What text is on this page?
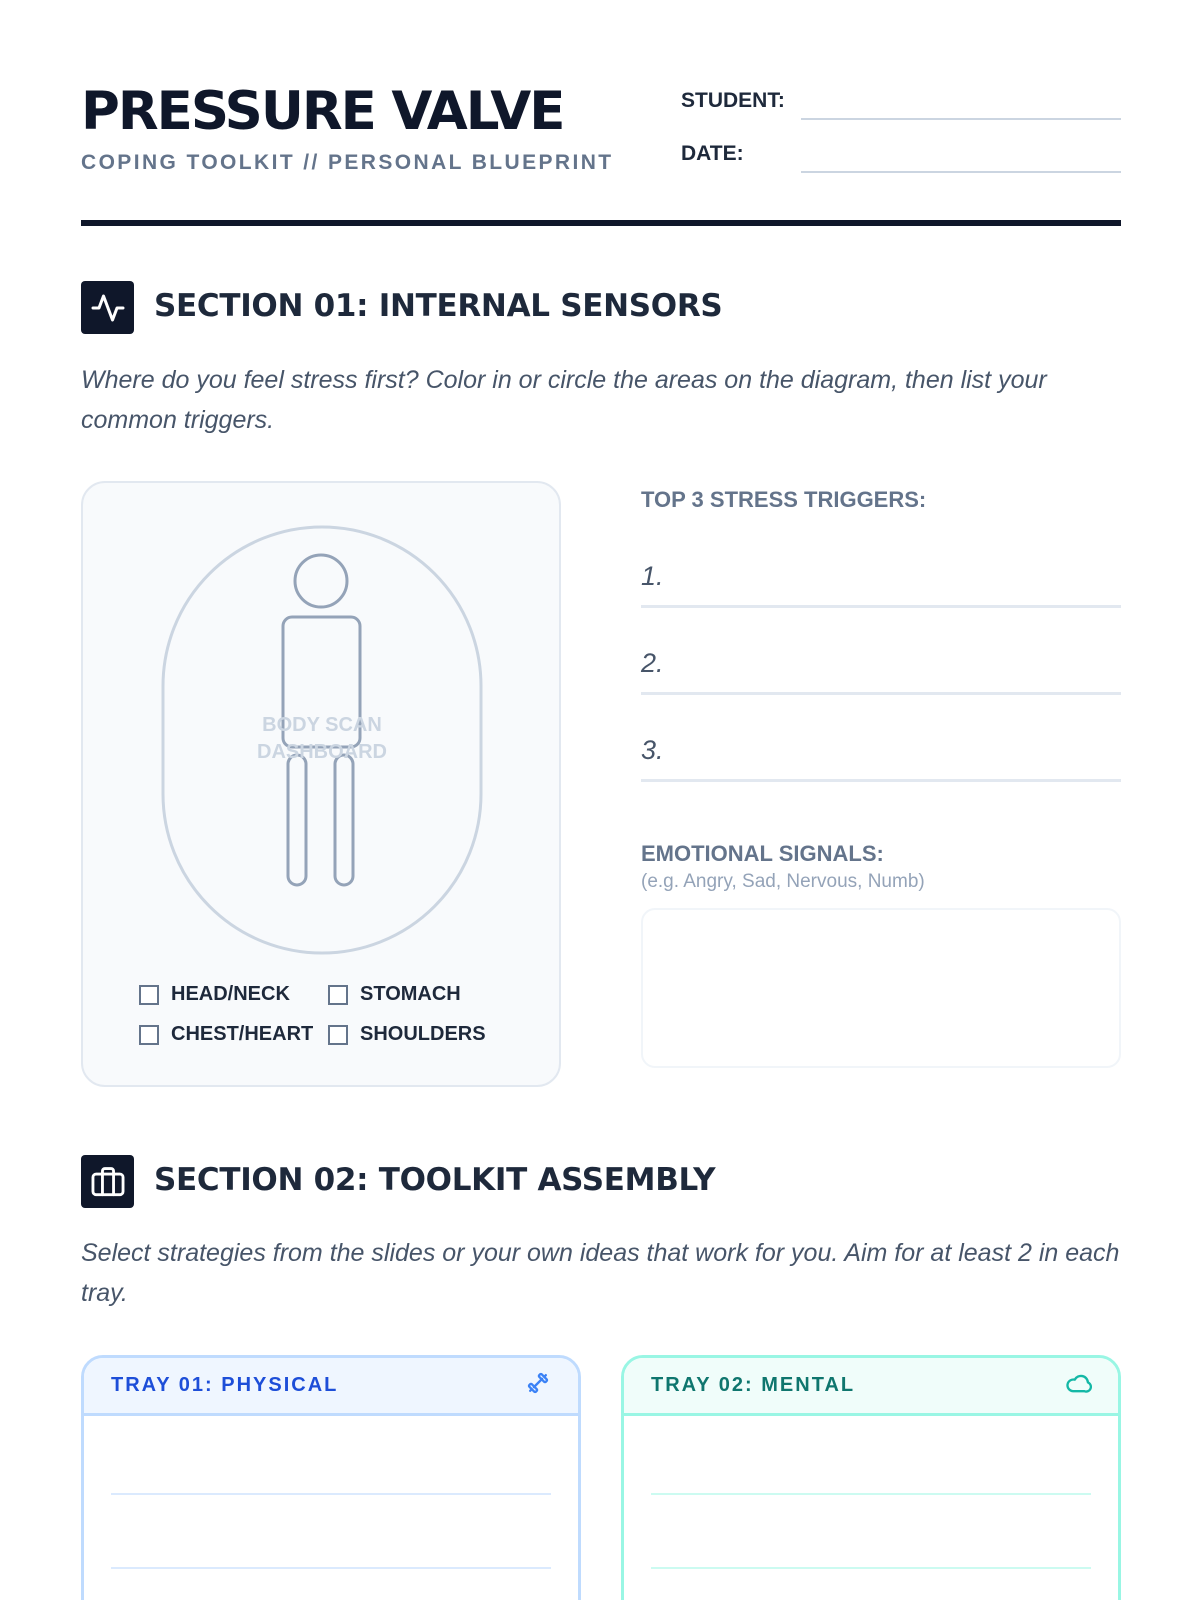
PRESSURE VALVE
COPING TOOLKIT // PERSONAL BLUEPRINT
STUDENT:
DATE:
SECTION 01: INTERNAL SENSORS
Where do you feel stress first? Color in or circle the areas on the diagram, then list your common triggers.
BODY SCAN
DASHBOARD
HEAD/NECK	STOMACH
CHEST/HEART SHOULDERS
TOP 3 STRESS TRIGGERS:
1.
2.
3.
EMOTIONAL SIGNALS:
(e.g. Angry, Sad, Nervous, Numb)
SECTION 02: TOOLKIT ASSEMBLY
Select strategies from the slides or your own ideas that work for you. Aim for at least 2 in each tray.
TRAY 01: PHYSICAL	TRAY 02: MENTAL
